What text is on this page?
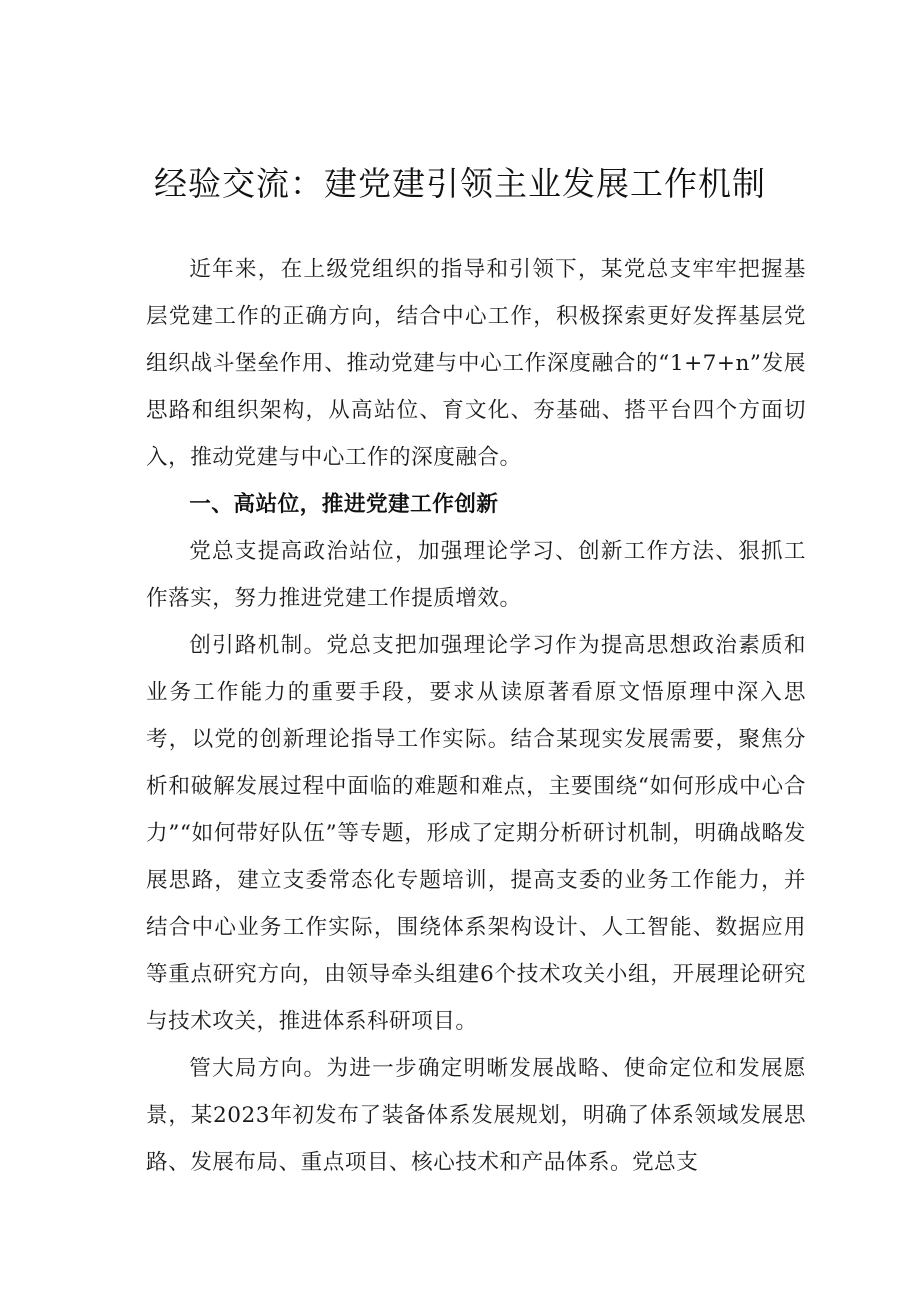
经验交流：建党建引领主业发展工作机制

近年来，在上级党组织的指导和引领下，某党总支牢牢把握基层党建工作的正确方向，结合中心工作，积极探索更好发挥基层党组织战斗堡垒作用、推动党建与中心工作深度融合的“1+7+n”发展思路和组织架构，从高站位、育文化、夯基础、搭平台四个方面切入，推动党建与中心工作的深度融合。

一、高站位，推进党建工作创新

党总支提高政治站位，加强理论学习、创新工作方法、狠抓工作落实，努力推进党建工作提质增效。

创引路机制。党总支把加强理论学习作为提高思想政治素质和业务工作能力的重要手段，要求从读原著看原文悟原理中深入思考，以党的创新理论指导工作实际。结合某现实发展需要，聚焦分析和破解发展过程中面临的难题和难点，主要围绕“如何形成中心合力”“如何带好队伍”等专题，形成了定期分析研讨机制，明确战略发展思路，建立支委常态化专题培训，提高支委的业务工作能力，并结合中心业务工作实际，围绕体系架构设计、人工智能、数据应用等重点研究方向，由领导牵头组建6个技术攻关小组，开展理论研究与技术攻关，推进体系科研项目。

管大局方向。为进一步确定明晰发展战略、使命定位和发展愿景，某2023年初发布了装备体系发展规划，明确了体系领域发展思路、发展布局、重点项目、核心技术和产品体系。党总支
